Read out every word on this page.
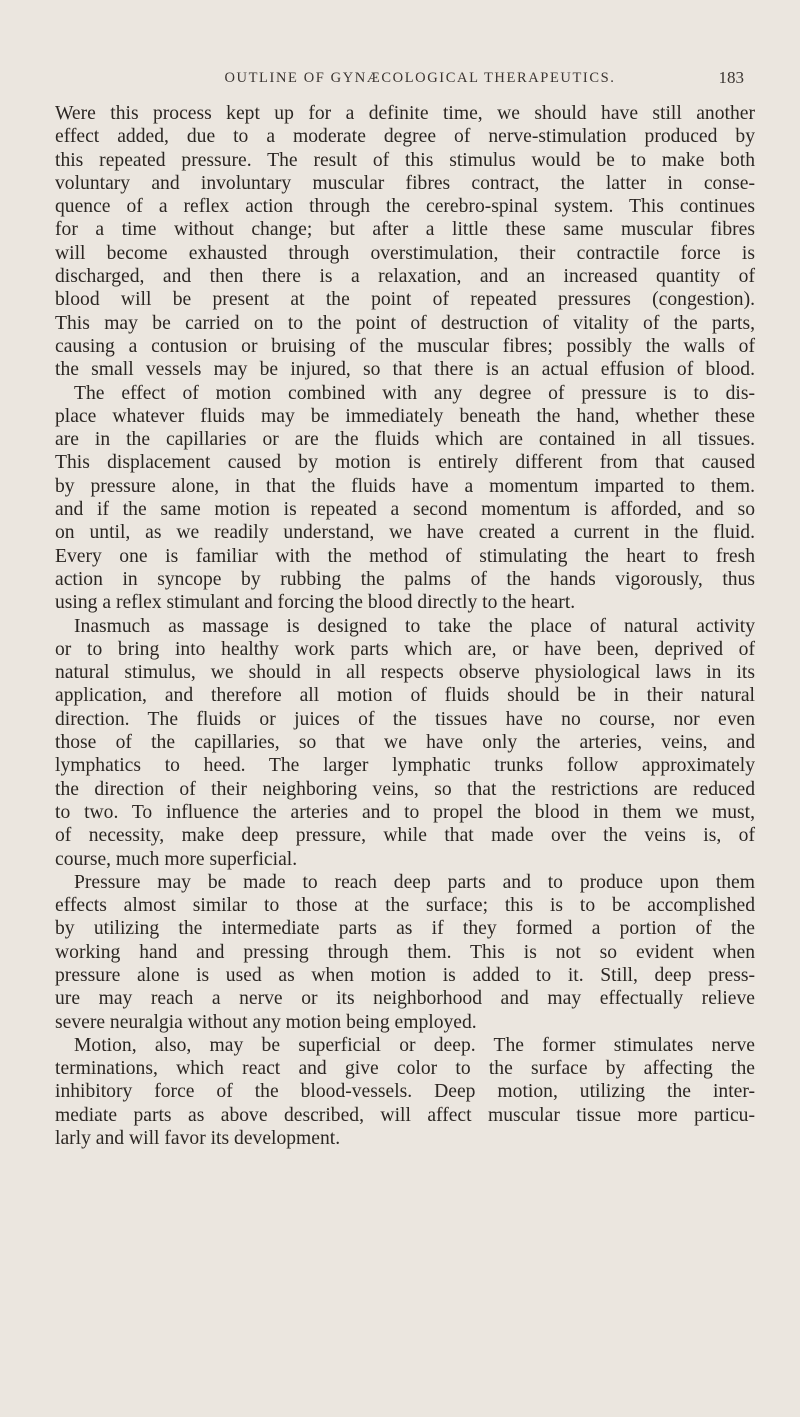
OUTLINE OF GYNÆCOLOGICAL THERAPEUTICS.	183
Were this process kept up for a definite time, we should have still another
effect added, due to a moderate degree of nerve-stimulation produced by
this repeated pressure. The result of this stimulus would be to make both
voluntary and involuntary muscular fibres contract, the latter in conse-
quence of a reflex action through the cerebro-spinal system. This continues
for a time without change; but after a little these same muscular fibres
will become exhausted through overstimulation, their contractile force is
discharged, and then there is a relaxation, and an increased quantity of
blood will be present at the point of repeated pressures (congestion).
This may be carried on to the point of destruction of vitality of the parts,
causing a contusion or bruising of the muscular fibres; possibly the walls of
the small vessels may be injured, so that there is an actual effusion of blood.
The effect of motion combined with any degree of pressure is to dis-
place whatever fluids may be immediately beneath the hand, whether these
are in the capillaries or are the fluids which are contained in all tissues.
This displacement caused by motion is entirely different from that caused
by pressure alone, in that the fluids have a momentum imparted to them.
and if the same motion is repeated a second momentum is afforded, and so
on until, as we readily understand, we have created a current in the fluid.
Every one is familiar with the method of stimulating the heart to fresh
action in syncope by rubbing the palms of the hands vigorously, thus
using a reflex stimulant and forcing the blood directly to the heart.
Inasmuch as massage is designed to take the place of natural activity
or to bring into healthy work parts which are, or have been, deprived of
natural stimulus, we should in all respects observe physiological laws in its
application, and therefore all motion of fluids should be in their natural
direction. The fluids or juices of the tissues have no course, nor even
those of the capillaries, so that we have only the arteries, veins, and
lymphatics to heed. The larger lymphatic trunks follow approximately
the direction of their neighboring veins, so that the restrictions are reduced
to two. To influence the arteries and to propel the blood in them we must,
of necessity, make deep pressure, while that made over the veins is, of
course, much more superficial.
Pressure may be made to reach deep parts and to produce upon them
effects almost similar to those at the surface; this is to be accomplished
by utilizing the intermediate parts as if they formed a portion of the
working hand and pressing through them. This is not so evident when
pressure alone is used as when motion is added to it. Still, deep press-
ure may reach a nerve or its neighborhood and may effectually relieve
severe neuralgia without any motion being employed.
Motion, also, may be superficial or deep. The former stimulates nerve
terminations, which react and give color to the surface by affecting the
inhibitory force of the blood-vessels. Deep motion, utilizing the inter-
mediate parts as above described, will affect muscular tissue more particu-
larly and will favor its development.
